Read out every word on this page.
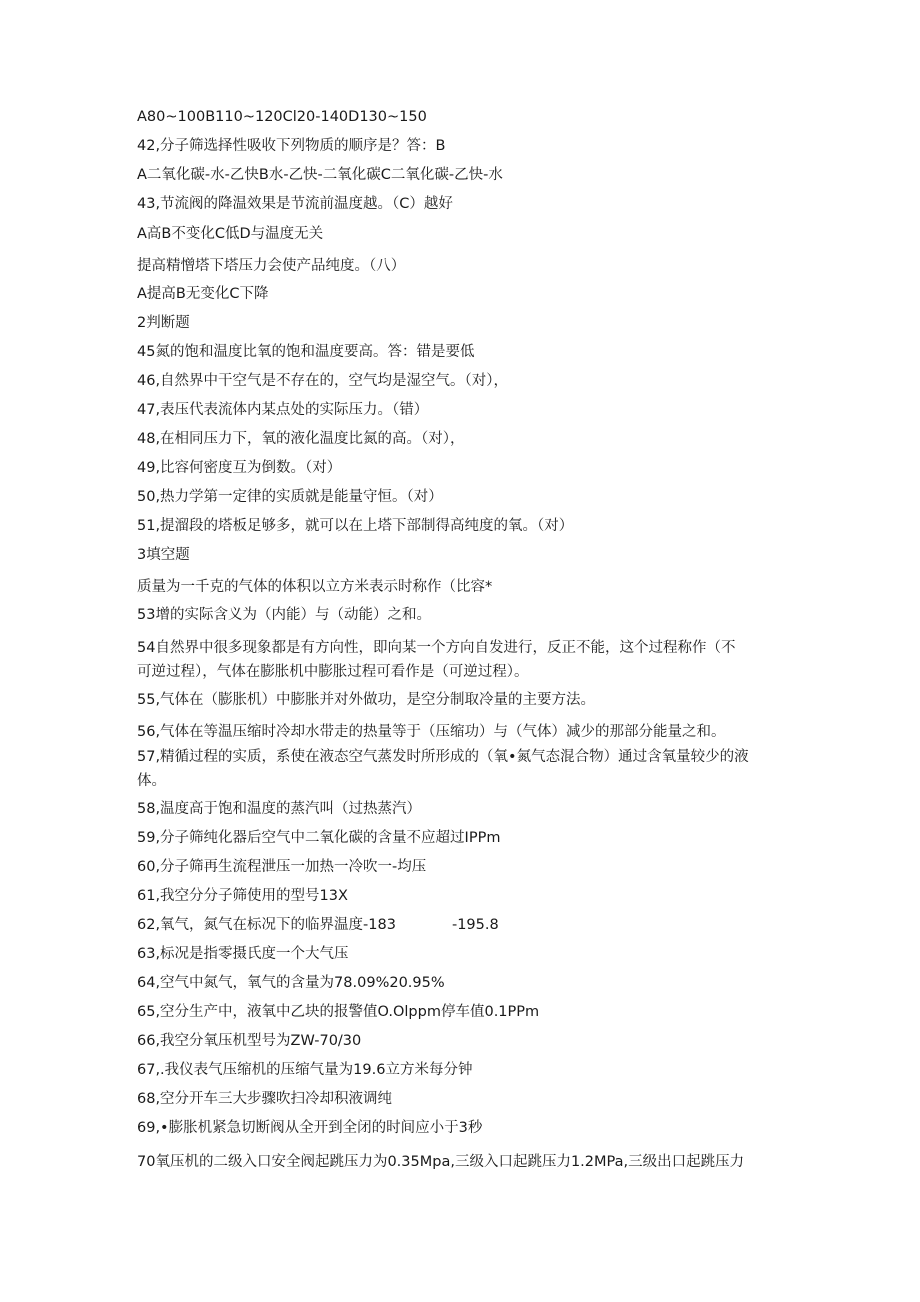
A80~100B110~120Cl20-140D130~150
42,分子筛选择性吸收下列物质的顺序是？答：B
A二氧化碳-水-乙快B水-乙快-二氧化碳C二氧化碳-乙快-水
43,节流阀的降温效果是节流前温度越。（C）越好
A高B不变化C低D与温度无关
提高精憎塔下塔压力会使产品纯度。（八）
A提高B无变化C下降
2判断题
45氮的饱和温度比氧的饱和温度要高。答：错是要低
46,自然界中干空气是不存在的，空气均是湿空气。（对），
47,表压代表流体内某点处的实际压力。（错）
48,在相同压力下，氧的液化温度比氮的高。（对），
49,比容何密度互为倒数。（对）
50,热力学第一定律的实质就是能量守恒。（对）
51,提溜段的塔板足够多，就可以在上塔下部制得高纯度的氧。（对）
3填空题
质量为一千克的气体的体积以立方米表示时称作（比容*
53增的实际含义为（内能）与（动能）之和。
54自然界中很多现象都是有方向性，即向某一个方向自发进行，反正不能，这个过程称作（不
可逆过程），气体在膨胀机中膨胀过程可看作是（可逆过程）。
55,气体在（膨胀机）中膨胀并对外做功，是空分制取冷量的主要方法。
56,气体在等温压缩时冷却水带走的热量等于（压缩功）与（气体）减少的那部分能量之和。
57,精循过程的实质，系使在液态空气蒸发时所形成的（氧•氮气态混合物）通过含氧量较少的液
体。
58,温度高于饱和温度的蒸汽叫（过热蒸汽）
59,分子筛纯化器后空气中二氧化碳的含量不应超过IPPm
60,分子筛再生流程泄压一加热一冷吹一-均压
61,我空分分子筛使用的型号13X
62,氧气，氮气在标况下的临界温度-183	-195.8
63,标况是指零摄氏度一个大气压
64,空气中氮气，氧气的含量为78.09%20.95%
65,空分生产中，液氧中乙块的报警值O.Olppm停车值0.1PPm
66,我空分氧压机型号为ZW-70/30
67,.我仪表气压缩机的压缩气量为19.6立方米每分钟
68,空分开车三大步骤吹扫冷却积液调纯
69,•膨胀机紧急切断阀从全开到全闭的时间应小于3秒
70氧压机的二级入口安全阀起跳压力为0.35Mpa,三级入口起跳压力1.2MPa,三级出口起跳压力
